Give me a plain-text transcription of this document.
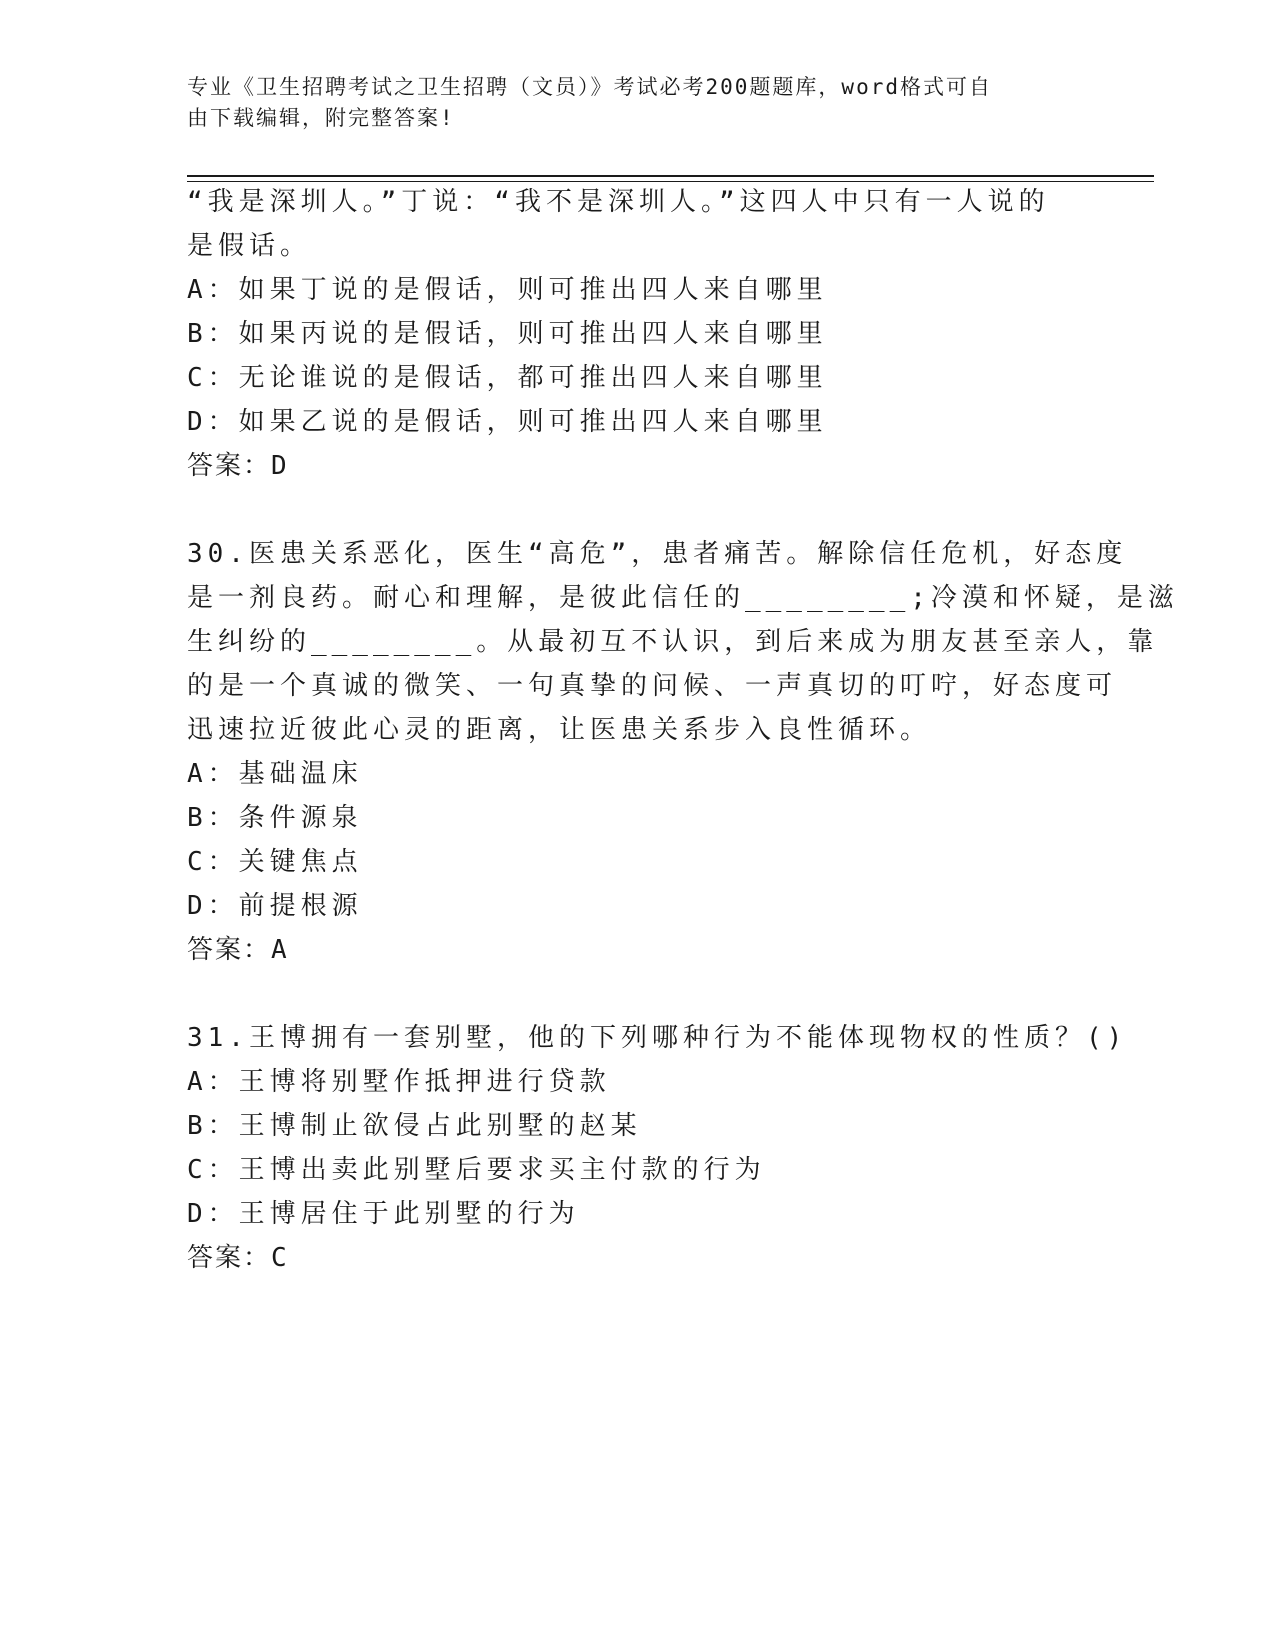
专业《卫生招聘考试之卫生招聘（文员）》考试必考200题题库，word格式可自
由下载编辑，附完整答案!
“我是深圳人。”丁说：“我不是深圳人。”这四人中只有一人说的
是假话。
A：如果丁说的是假话，则可推出四人来自哪里
B：如果丙说的是假话，则可推出四人来自哪里
C：无论谁说的是假话，都可推出四人来自哪里
D：如果乙说的是假话，则可推出四人来自哪里
答案：D
30.医患关系恶化，医生“高危”，患者痛苦。解除信任危机，好态度
是一剂良药。耐心和理解，是彼此信任的________;冷漠和怀疑，是滋
生纠纷的________。从最初互不认识，到后来成为朋友甚至亲人，靠
的是一个真诚的微笑、一句真挚的问候、一声真切的叮咛，好态度可
迅速拉近彼此心灵的距离，让医患关系步入良性循环。
A：基础温床
B：条件源泉
C：关键焦点
D：前提根源
答案：A
31.王博拥有一套别墅，他的下列哪种行为不能体现物权的性质？()
A：王博将别墅作抵押进行贷款
B：王博制止欲侵占此别墅的赵某
C：王博出卖此别墅后要求买主付款的行为
D：王博居住于此别墅的行为
答案：C
